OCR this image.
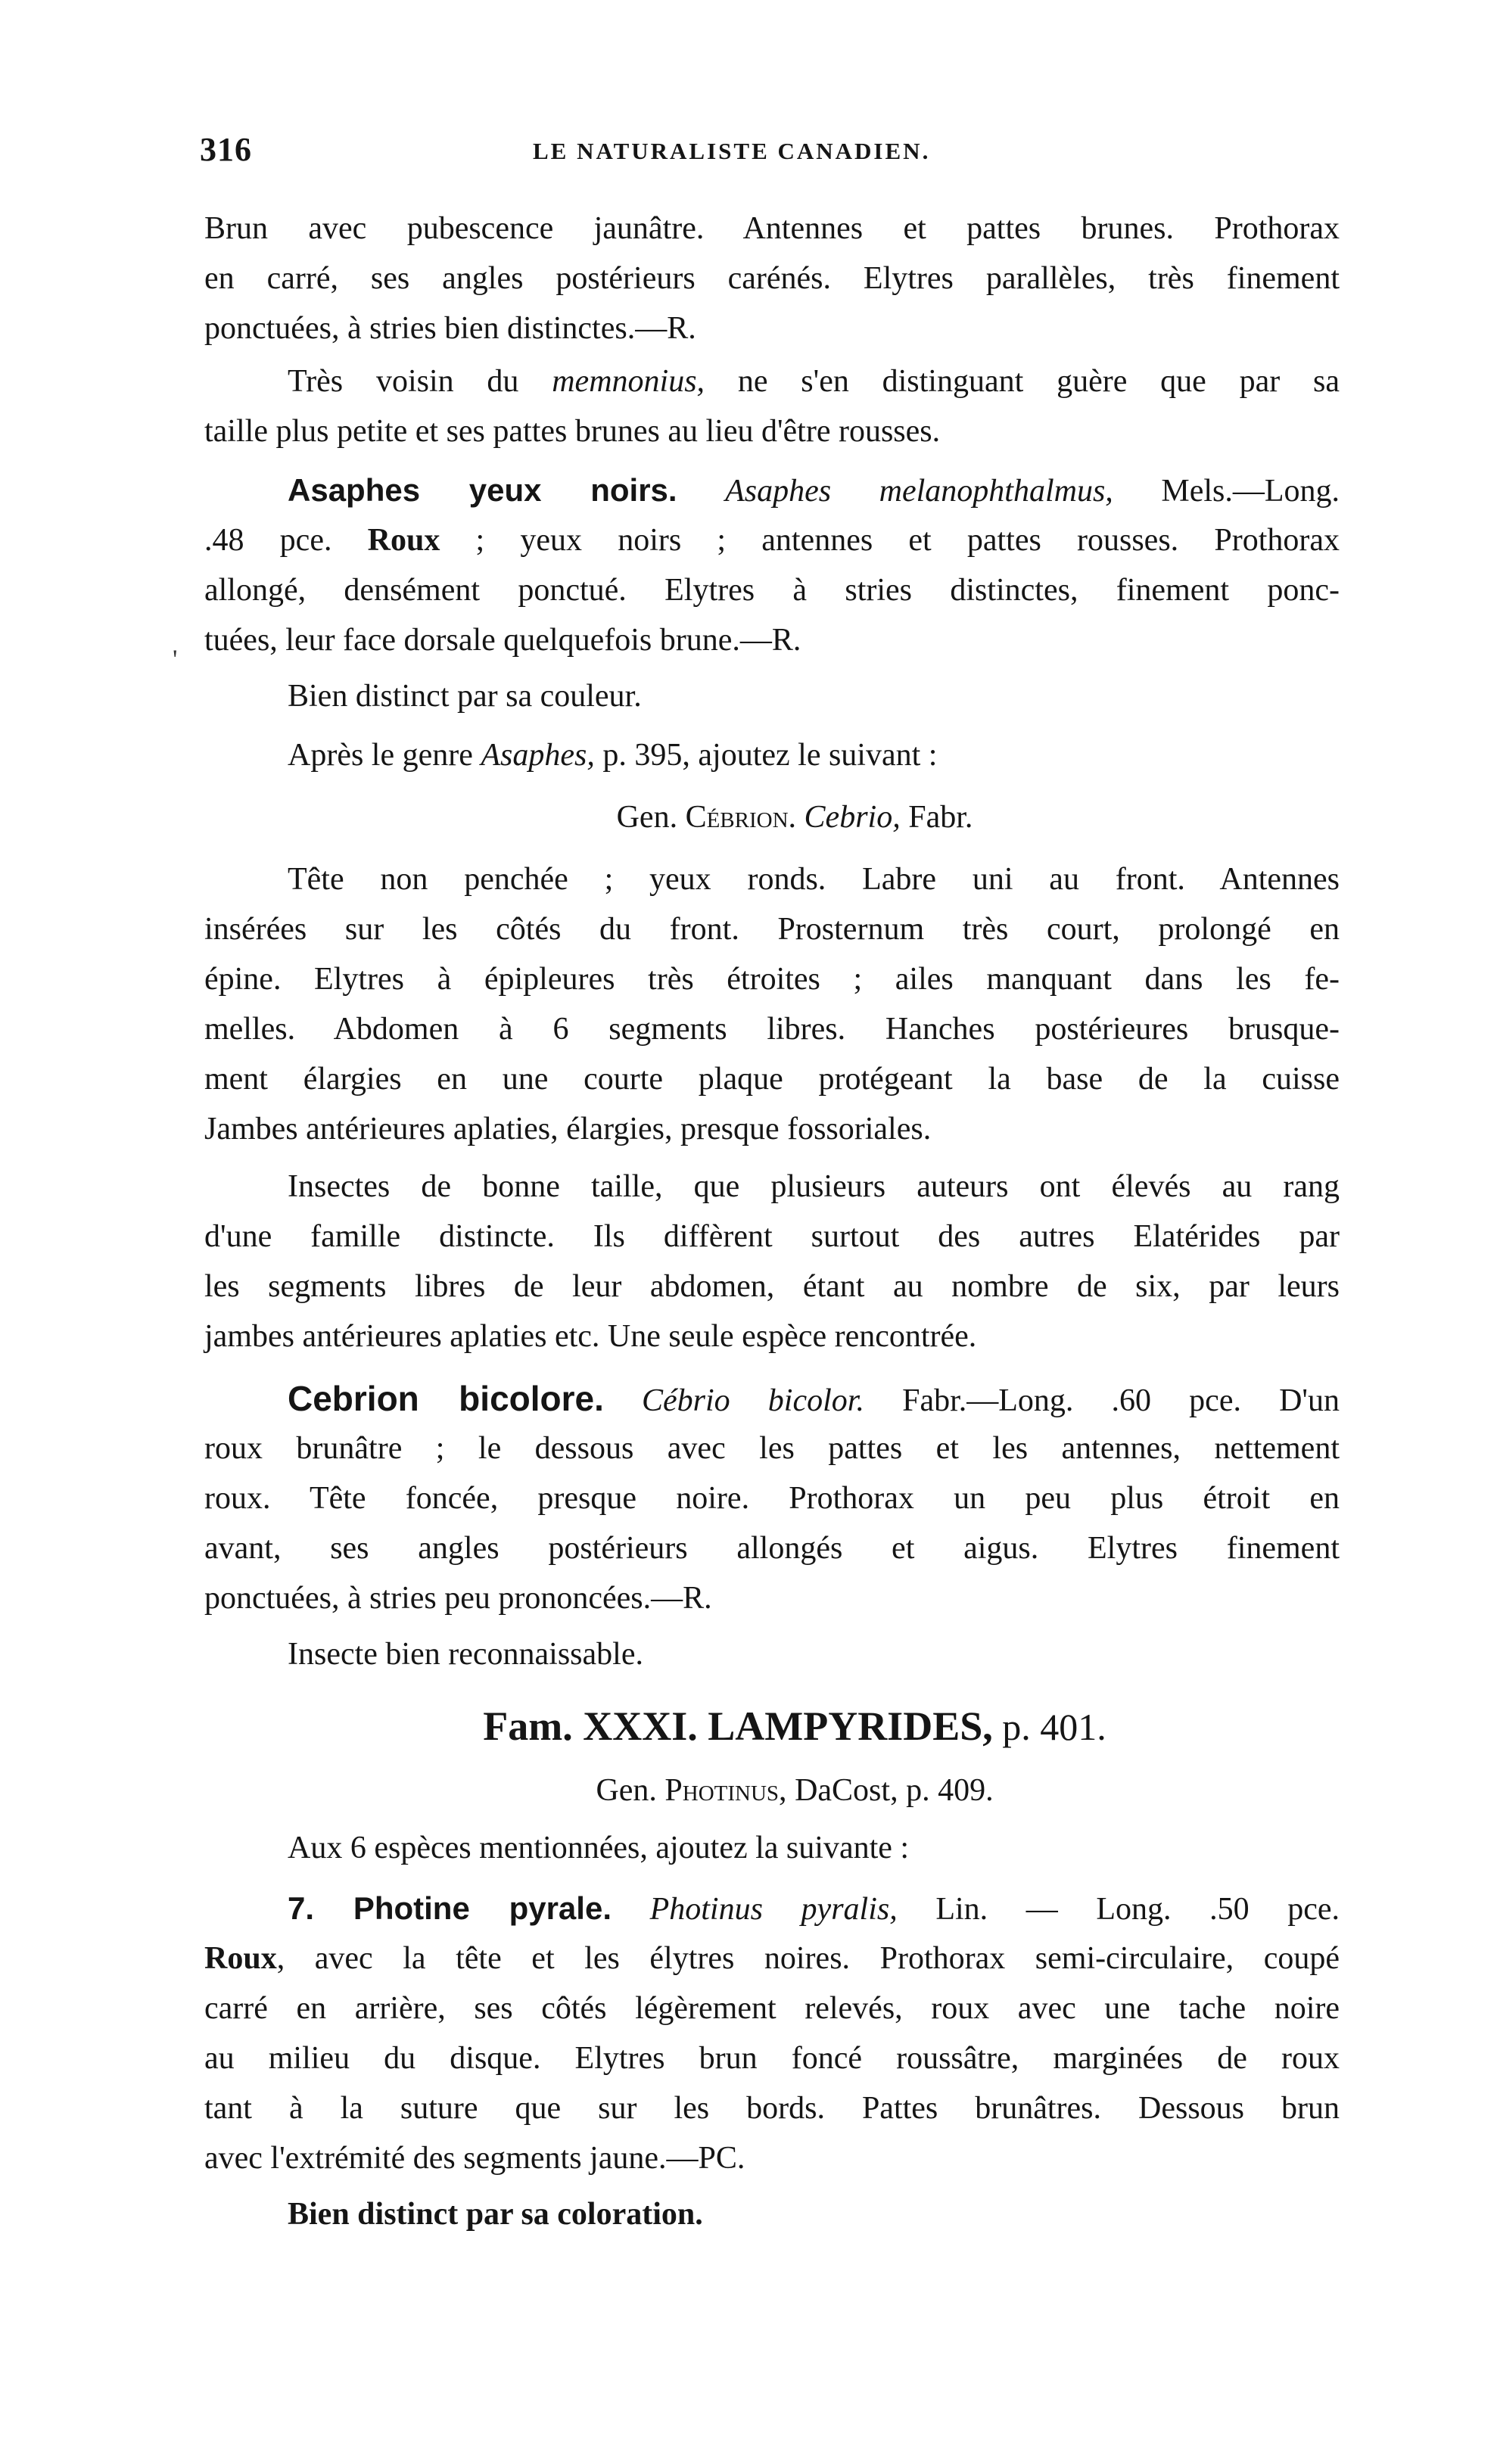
316	LE NATURALISTE CANADIEN.
Brun avec pubescence jaunâtre. Antennes et pattes brunes. Prothorax
en carré, ses angles postérieurs carénés. Elytres parallèles, très finement
ponctuées, à stries bien distinctes.—R.
Très voisin du memnonius, ne s'en distinguant guère que par sa
taille plus petite et ses pattes brunes au lieu d'être rousses.
Asaphes yeux noirs. Asaphes melanophthalmus, Mels.—Long.
.48 pce. Roux ; yeux noirs ; antennes et pattes rousses. Prothorax
allongé, densément ponctué. Elytres à stries distinctes, finement ponc-
'
tuées, leur face dorsale quelquefois brune.—R.
Bien distinct par sa couleur.
Après le genre Asaphes, p. 395, ajoutez le suivant :
Gen. Cébrion. Cebrio, Fabr.
Tête non penchée ; yeux ronds. Labre uni au front. Antennes
insérées sur les côtés du front. Prosternum très court, prolongé en
épine. Elytres à épipleures très étroites ; ailes manquant dans les fe-
melles. Abdomen à 6 segments libres. Hanches postérieures brusque-
ment élargies en une courte plaque protégeant la base de la cuisse
Jambes antérieures aplaties, élargies, presque fossoriales.
Insectes de bonne taille, que plusieurs auteurs ont élevés au rang
d'une famille distincte. Ils diffèrent surtout des autres Elatérides par
les segments libres de leur abdomen, étant au nombre de six, par leurs
jambes antérieures aplaties etc. Une seule espèce rencontrée.
Cebrion bicolore. Cébrio bicolor. Fabr.—Long. .60 pce. D'un
roux brunâtre ; le dessous avec les pattes et les antennes, nettement
roux. Tête foncée, presque noire. Prothorax un peu plus étroit en
avant, ses angles postérieurs allongés et aigus. Elytres finement
ponctuées, à stries peu prononcées.—R.
Insecte bien reconnaissable.
Fam. XXXI. LAMPYRIDES, p. 401.
Gen. Photinus, DaCost, p. 409.
Aux 6 espèces mentionnées, ajoutez la suivante :
7. Photine pyrale. Photinus pyralis, Lin. — Long. .50 pce.
Roux, avec la tête et les élytres noires. Prothorax semi-circulaire, coupé
carré en arrière, ses côtés légèrement relevés, roux avec une tache noire
au milieu du disque. Elytres brun foncé roussâtre, marginées de roux
tant à la suture que sur les bords. Pattes brunâtres. Dessous brun
avec l'extrémité des segments jaune.—PC.
Bien distinct par sa coloration.
